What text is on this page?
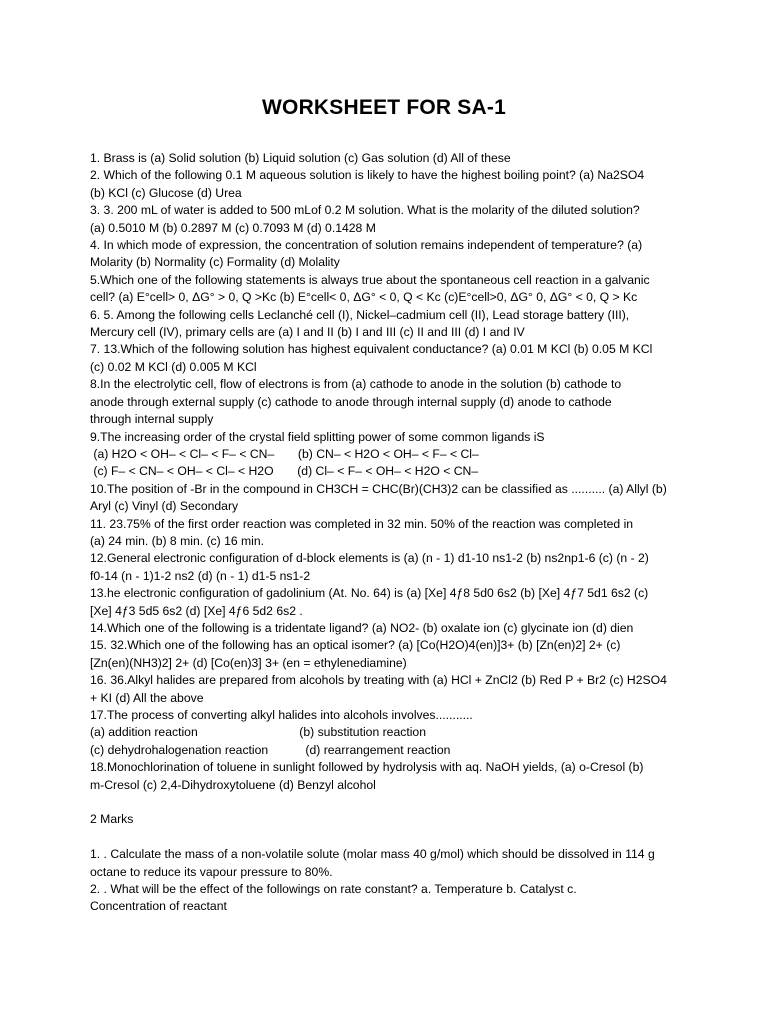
WORKSHEET FOR SA-1
1. Brass is (a) Solid solution (b) Liquid solution (c) Gas solution (d) All of these
2. Which of the following 0.1 M aqueous solution is likely to have the highest boiling point? (a) Na2SO4
(b) KCl (c) Glucose (d) Urea
3. 3. 200 mL of water is added to 500 mLof 0.2 M solution. What is the molarity of the diluted solution?
(a) 0.5010 M (b) 0.2897 M (c) 0.7093 M (d) 0.1428 M
4. In which mode of expression, the concentration of solution remains independent of temperature? (a)
Molarity (b) Normality (c) Formality (d) Molality
5.Which one of the following statements is always true about the spontaneous cell reaction in a galvanic
cell? (a) E°cell> 0, ΔG° > 0, Q >Kc (b) E°cell< 0, ΔG° < 0, Q < Kc (c)E°cell>0, ΔG° 0, ΔG° < 0, Q > Kc
6. 5. Among the following cells Leclanché cell (I), Nickel–cadmium cell (II), Lead storage battery (III),
Mercury cell (IV), primary cells are (a) I and II (b) I and III (c) II and III (d) I and IV
7. 13.Which of the following solution has highest equivalent conductance? (a) 0.01 M KCl (b) 0.05 M KCl
(c) 0.02 M KCl (d) 0.005 M KCl
8.In the electrolytic cell, flow of electrons is from (a) cathode to anode in the solution (b) cathode to
anode through external supply (c) cathode to anode through internal supply (d) anode to cathode
through internal supply
9.The increasing order of the crystal field splitting power of some common ligands iS
(a) H2O < OH– < Cl– < F– < CN–       (b) CN– < H2O < OH– < F– < Cl–
(c) F– < CN– < OH– < Cl– < H2O       (d) Cl– < F– < OH– < H2O < CN–
10.The position of -Br in the compound in CH3CH = CHC(Br)(CH3)2 can be classified as .......... (a) Allyl (b)
Aryl (c) Vinyl (d) Secondary
11. 23.75% of the first order reaction was completed in 32 min. 50% of the reaction was completed in
(a) 24 min. (b) 8 min. (c) 16 min.
12.General electronic configuration of d-block elements is (a) (n - 1) d1-10 ns1-2 (b) ns2np1-6 (c) (n - 2)
f0-14 (n - 1)1-2 ns2 (d) (n - 1) d1-5 ns1-2
13.he electronic configuration of gadolinium (At. No. 64) is (a) [Xe] 4ƒ8 5d0 6s2 (b) [Xe] 4ƒ7 5d1 6s2 (c)
[Xe] 4ƒ3 5d5 6s2 (d) [Xe] 4ƒ6 5d2 6s2 .
14.Which one of the following is a tridentate ligand? (a) NO2- (b) oxalate ion (c) glycinate ion (d) dien
15. 32.Which one of the following has an optical isomer? (a) [Co(H2O)4(en)]3+ (b) [Zn(en)2] 2+ (c)
[Zn(en)(NH3)2] 2+ (d) [Co(en)3] 3+ (en = ethylenediamine)
16. 36.Alkyl halides are prepared from alcohols by treating with (a) HCl + ZnCl2 (b) Red P + Br2 (c) H2SO4
+ KI (d) All the above
17.The process of converting alkyl halides into alcohols involves...........
(a) addition reaction                              (b) substitution reaction
(c) dehydrohalogenation reaction           (d) rearrangement reaction
18.Monochlorination of toluene in sunlight followed by hydrolysis with aq. NaOH yields, (a) o-Cresol (b)
m-Cresol (c) 2,4-Dihydroxytoluene (d) Benzyl alcohol
2 Marks
1. . Calculate the mass of a non-volatile solute (molar mass 40 g/mol) which should be dissolved in 114 g
octane to reduce its vapour pressure to 80%.
2. . What will be the effect of the followings on rate constant? a. Temperature b. Catalyst c.
Concentration of reactant
